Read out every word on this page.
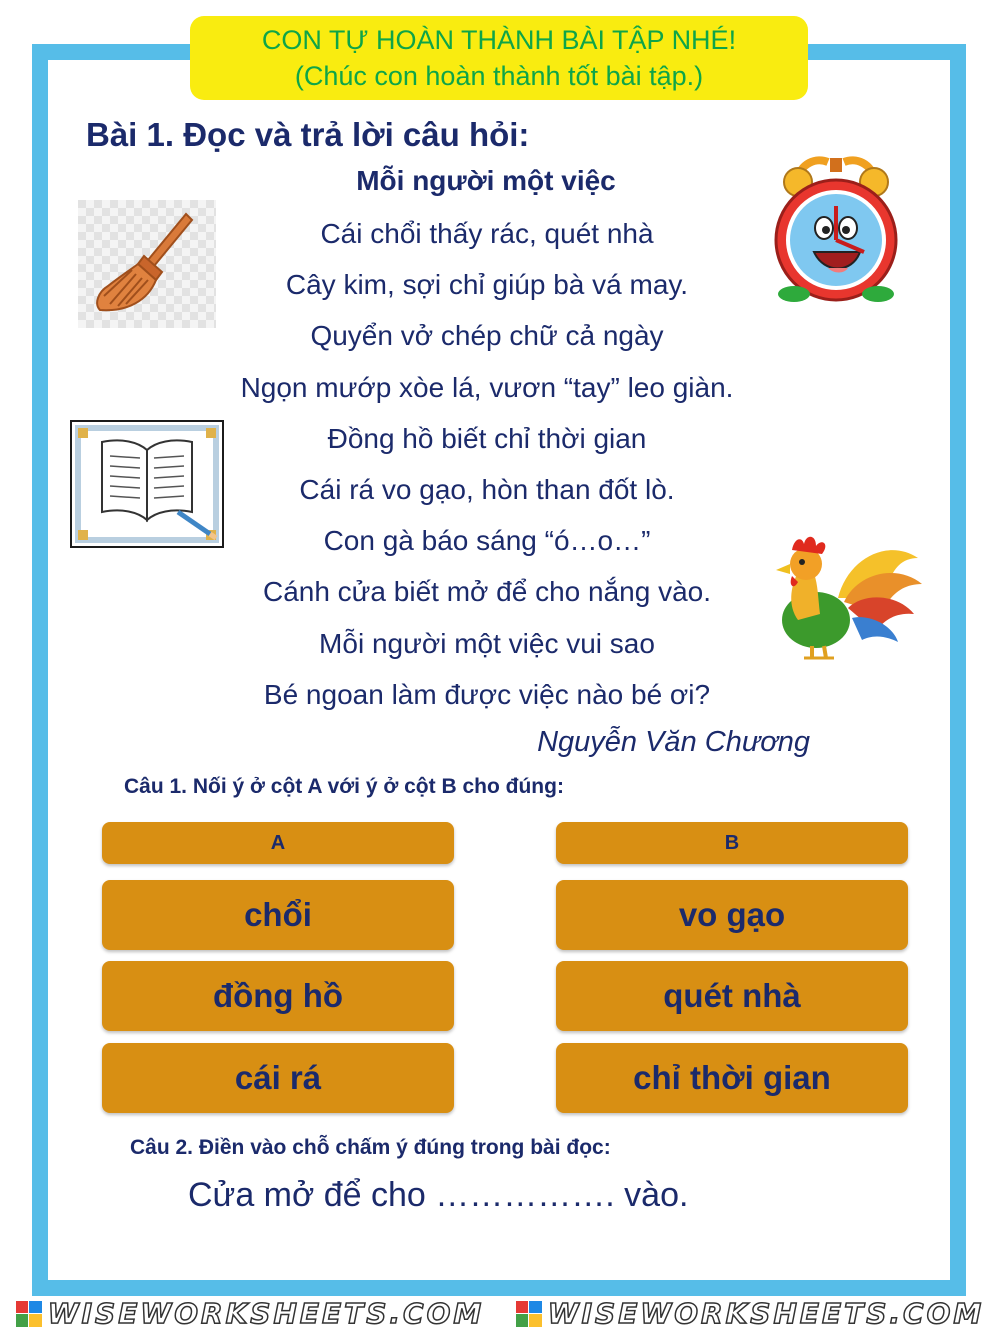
CON TỰ HOÀN THÀNH BÀI TẬP NHÉ!
(Chúc con hoàn thành tốt bài tập.)
Bài 1. Đọc và trả lời câu hỏi:
Mỗi người một việc
Cái chổi thấy rác, quét nhà
Cây kim, sợi chỉ giúp bà vá may.
Quyển vở chép chữ cả ngày
Ngọn mướp xòe lá, vươn “tay” leo giàn.
Đồng hồ biết chỉ thời gian
Cái rá vo gạo, hòn than đốt lò.
Con gà báo sáng “ó…o…”
Cánh cửa biết mở để cho nắng vào.
Mỗi người một việc vui sao
Bé ngoan làm được việc nào bé ơi?
Nguyễn Văn Chương
Câu 1. Nối ý ở cột A với ý ở cột B cho đúng:
A	B
chổi
đồng hồ
cái rá
vo gạo
quét nhà
chỉ thời gian
Câu 2. Điền vào chỗ chấm ý đúng trong bài đọc:
Cửa mở để cho ……………. vào.
WISEWORKSHEETS.COM WISEWORKSHEETS.COM
